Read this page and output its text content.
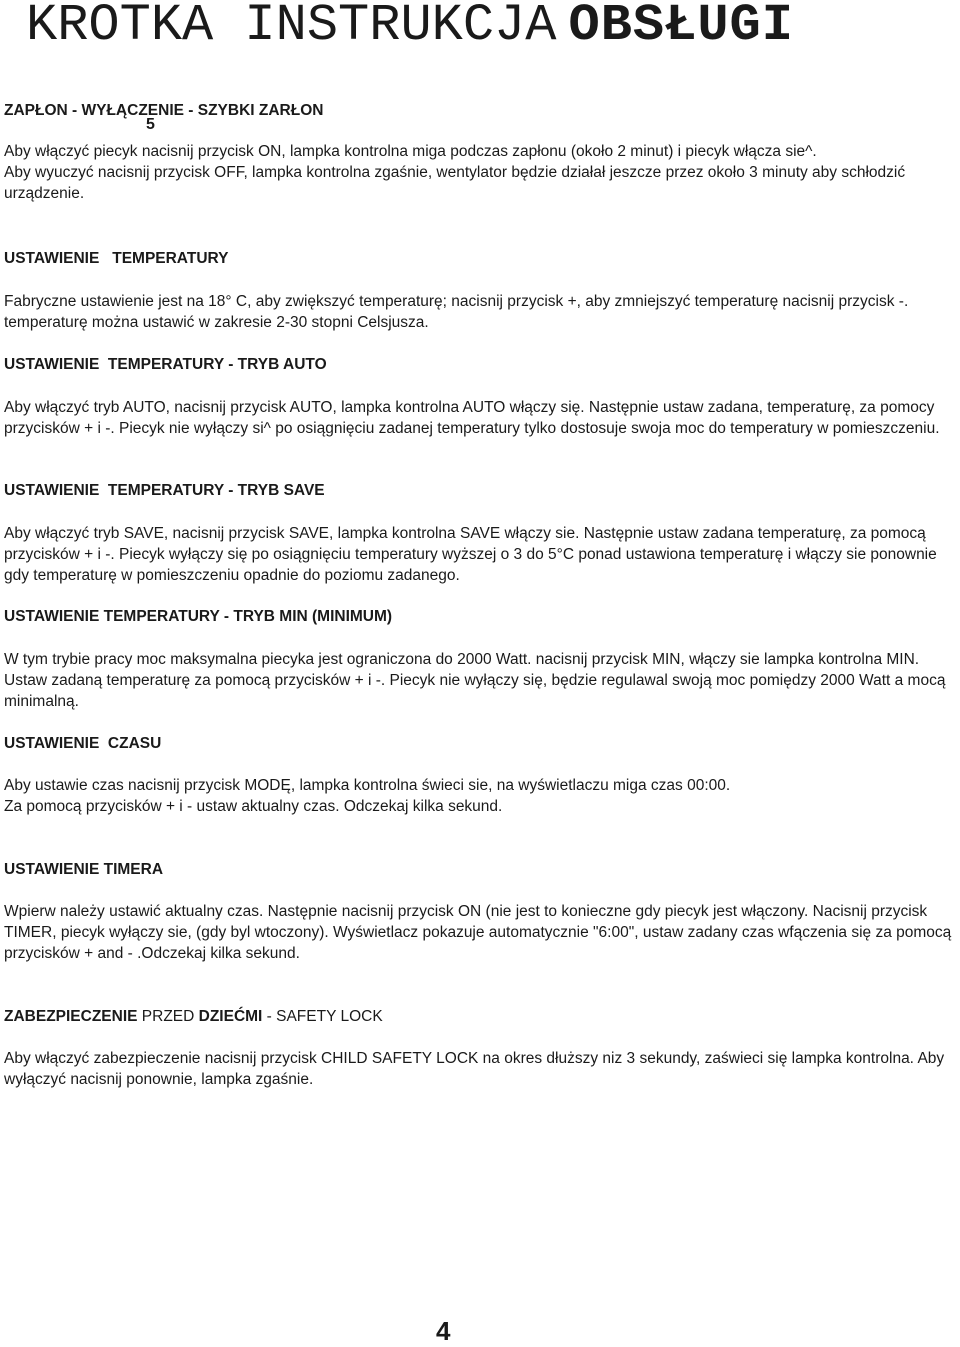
KROTKA INSTRUKCJA OBSŁUGI

ZAPŁON - WYŁĄCZENIE - SZYBKI ZARŁON

5

Aby włączyć piecyk nacisnij przycisk ON, lampka kontrolna miga podczas zapłonu (około 2 minut) i piecyk włącza sie^.

Aby wyuczyć nacisnij przycisk OFF, lampka kontrolna zgaśnie, wentylator będzie działał jeszcze przez około 3 minuty aby schłodzić urządzenie.

USTAWIENIE   TEMPERATURY

Fabryczne ustawienie jest na 18° C, aby zwiększyć temperaturę; nacisnij przycisk +, aby zmniejszyć temperaturę nacisnij przycisk -. temperaturę można ustawić w zakresie 2-30 stopni Celsjusza.

USTAWIENIE  TEMPERATURY - TRYB AUTO

Aby włączyć tryb AUTO, nacisnij przycisk AUTO, lampka kontrolna AUTO włączy się. Następnie ustaw zadana, temperaturę, za pomocy przycisków + i -. Piecyk nie wyłączy si^ po osiągnięciu zadanej temperatury tylko dostosuje swoja moc do temperatury w pomieszczeniu.

USTAWIENIE  TEMPERATURY - TRYB SAVE

Aby włączyć tryb SAVE, nacisnij przycisk SAVE, lampka kontrolna SAVE włączy sie. Następnie ustaw zadana temperaturę, za pomocą przycisków + i -. Piecyk wyłączy się po osiągnięciu temperatury wyższej o 3 do 5°C ponad ustawiona temperaturę i włączy sie ponownie gdy temperaturę w pomieszczeniu opadnie do poziomu zadanego.

USTAWIENIE TEMPERATURY - TRYB MIN (MINIMUM)

W tym trybie pracy moc maksymalna piecyka jest ograniczona do 2000 Watt. nacisnij przycisk MIN, włączy sie lampka kontrolna MIN. Ustaw zadaną temperaturę za pomocą przycisków + i -. Piecyk nie wyłączy się, będzie regulawal swoją moc pomiędzy 2000 Watt a mocą minimalną.

USTAWIENIE  CZASU

Aby ustawie czas nacisnij przycisk MODĘ, lampka kontrolna świeci sie, na wyświetlaczu miga czas 00:00.

Za pomocą przycisków + i - ustaw aktualny czas. Odczekaj kilka sekund.

USTAWIENIE TIMERA

Wpierw należy ustawić aktualny czas. Następnie nacisnij przycisk ON (nie jest to konieczne gdy piecyk jest włączony. Nacisnij przycisk TIMER, piecyk wyłączy sie, (gdy byl wtoczony). Wyświetlacz pokazuje automatycznie "6:00", ustaw zadany czas wfączenia się za pomocą przycisków + and - .Odczekaj kilka sekund.

ZABEZPIECZENIE PRZED DZIEĆMI - SAFETY LOCK

Aby włączyć zabezpieczenie nacisnij przycisk CHILD SAFETY LOCK na okres dłuższy niz 3 sekundy, zaświeci się lampka kontrolna. Aby wyłączyć nacisnij ponownie, lampka zgaśnie.

4
